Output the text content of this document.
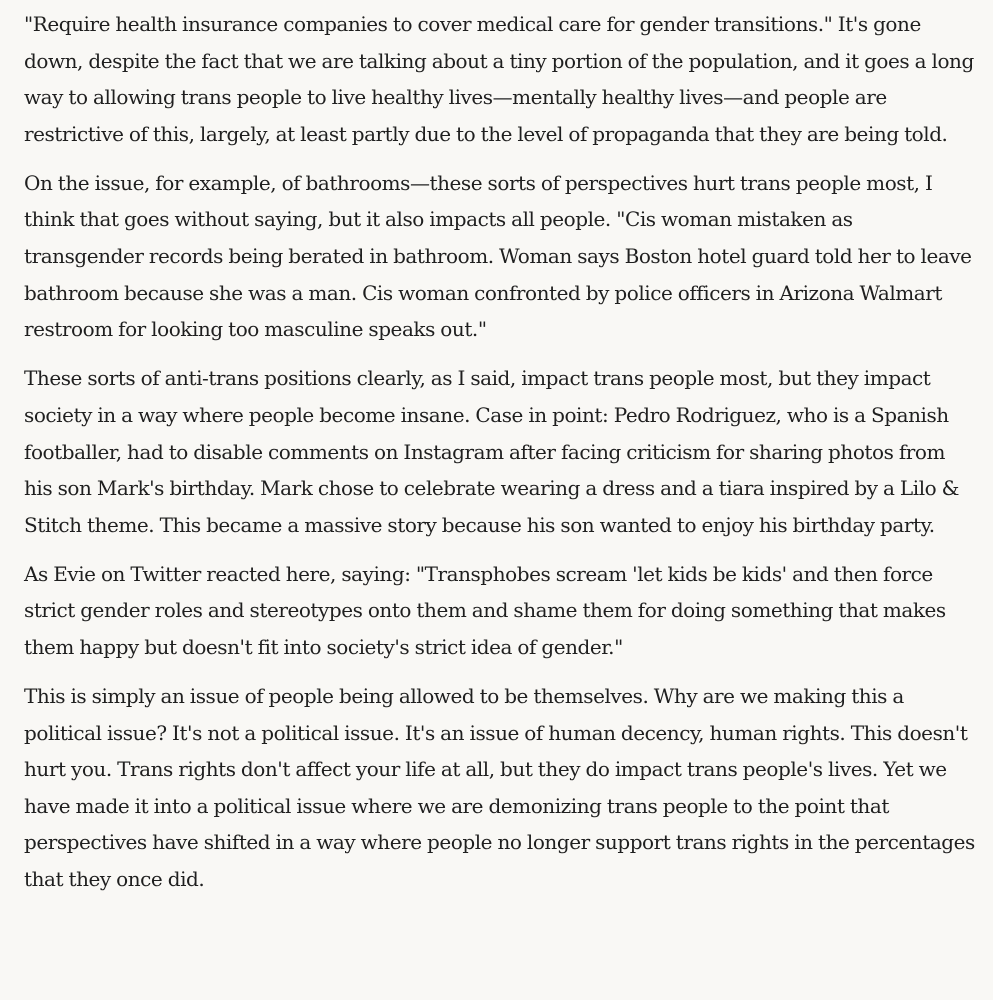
"Require health insurance companies to cover medical care for gender transitions." It's gone down, despite the fact that we are talking about a tiny portion of the population, and it goes a long way to allowing trans people to live healthy lives—mentally healthy lives—and people are restrictive of this, largely, at least partly due to the level of propaganda that they are being told.

On the issue, for example, of bathrooms—these sorts of perspectives hurt trans people most, I think that goes without saying, but it also impacts all people. "Cis woman mistaken as transgender records being berated in bathroom. Woman says Boston hotel guard told her to leave bathroom because she was a man. Cis woman confronted by police officers in Arizona Walmart restroom for looking too masculine speaks out."

These sorts of anti-trans positions clearly, as I said, impact trans people most, but they impact society in a way where people become insane. Case in point: Pedro Rodriguez, who is a Spanish footballer, had to disable comments on Instagram after facing criticism for sharing photos from his son Mark's birthday. Mark chose to celebrate wearing a dress and a tiara inspired by a Lilo & Stitch theme. This became a massive story because his son wanted to enjoy his birthday party.

As Evie on Twitter reacted here, saying: "Transphobes scream 'let kids be kids' and then force strict gender roles and stereotypes onto them and shame them for doing something that makes them happy but doesn't fit into society's strict idea of gender."

This is simply an issue of people being allowed to be themselves. Why are we making this a political issue? It's not a political issue. It's an issue of human decency, human rights. This doesn't hurt you. Trans rights don't affect your life at all, but they do impact trans people's lives. Yet we have made it into a political issue where we are demonizing trans people to the point that perspectives have shifted in a way where people no longer support trans rights in the percentages that they once did.
